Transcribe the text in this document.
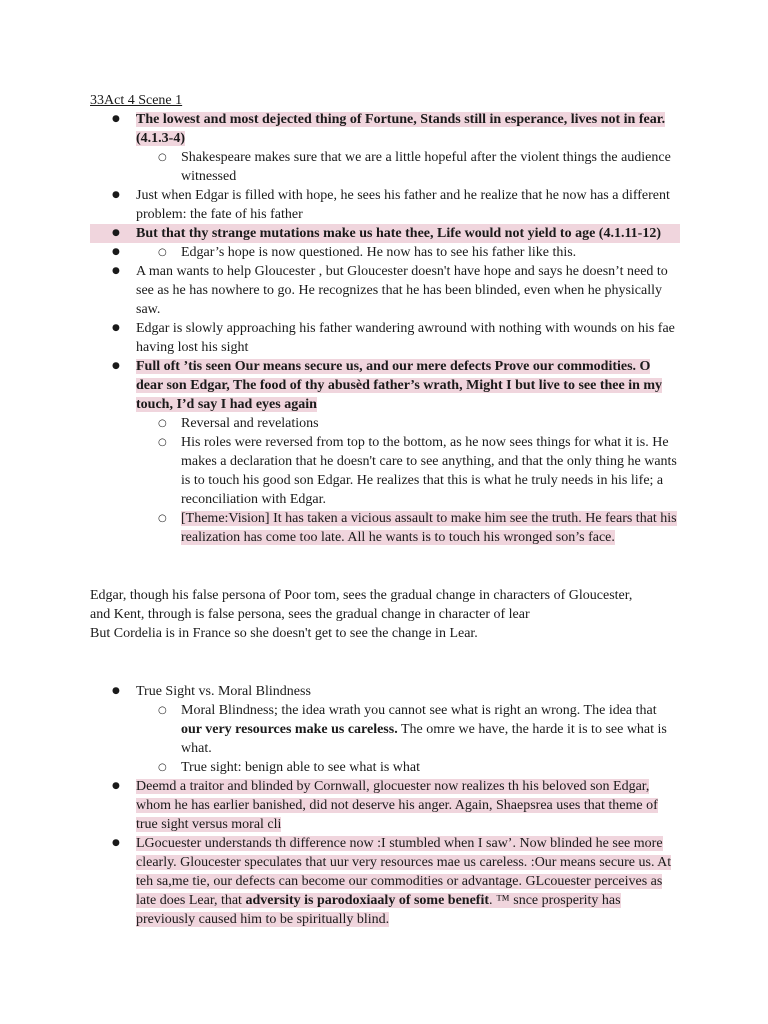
33Act 4 Scene 1

● The lowest and most dejected thing of Fortune, Stands still in esperance, lives not in fear. (4.1.3-4)
○ Shakespeare makes sure that we are a little hopeful after the violent things the audience witnessed
● Just when Edgar is filled with hope, he sees his father and he realize that he now has a different problem: the fate of his father
● But that thy strange mutations make us hate thee, Life would not yield to age (4.1.11-12)
○ ● Edgar’s hope is now questioned. He now has to see his father like this.
● A man wants to help Gloucester , but Gloucester doesn't have hope and says he doesn’t need to see as he has nowhere to go. He recognizes that he has been blinded, even when he physically saw.
● Edgar is slowly approaching his father wandering awround with nothing with wounds on his fae having lost his sight
● Full oft ’tis seen Our means secure us, and our mere defects Prove our commodities. O dear son Edgar, The food of thy abusèd father’s wrath, Might I but live to see thee in my touch, I’d say I had eyes again
○ Reversal and revelations
○ His roles were reversed from top to the bottom, as he now sees things for what it is. He makes a declaration that he doesn't care to see anything, and that the only thing he wants is to touch his good son Edgar. He realizes that this is what he truly needs in his life; a reconciliation with Edgar.
○ [Theme:Vision] It has taken a vicious assault to make him see the truth. He fears that his realization has come too late. All he wants is to touch his wronged son’s face.

Edgar, though his false persona of Poor tom, sees the gradual change in characters of Gloucester,

and Kent, through is false persona, sees the gradual change in character of lear

But Cordelia is in France so she doesn't get to see the change in Lear.

● True Sight vs. Moral Blindness
○ Moral Blindness; the idea wrath you cannot see what is right an wrong. The idea that our very resources make us careless. The omre we have, the harde it is to see what is what.
○ True sight: benign able to see what is what
● Deemd a traitor and blinded by Cornwall, glocuester now realizes th his beloved son Edgar, whom he has earlier banished, did not deserve his anger. Again, Shaepsrea uses that theme of true sight versus moral cli
● LGocuester understands th difference now :I stumbled when I saw’. Now blinded he see more clearly. Gloucester speculates that uur very resources mae us careless. :Our means secure us. At teh sa,me tie, our defects can become our commodities or advantage. GLcouester perceives as late does Lear, that adversity is parodoxiaaly of some benefit. ™ snce prosperity has previously caused him to be spiritually blind.
